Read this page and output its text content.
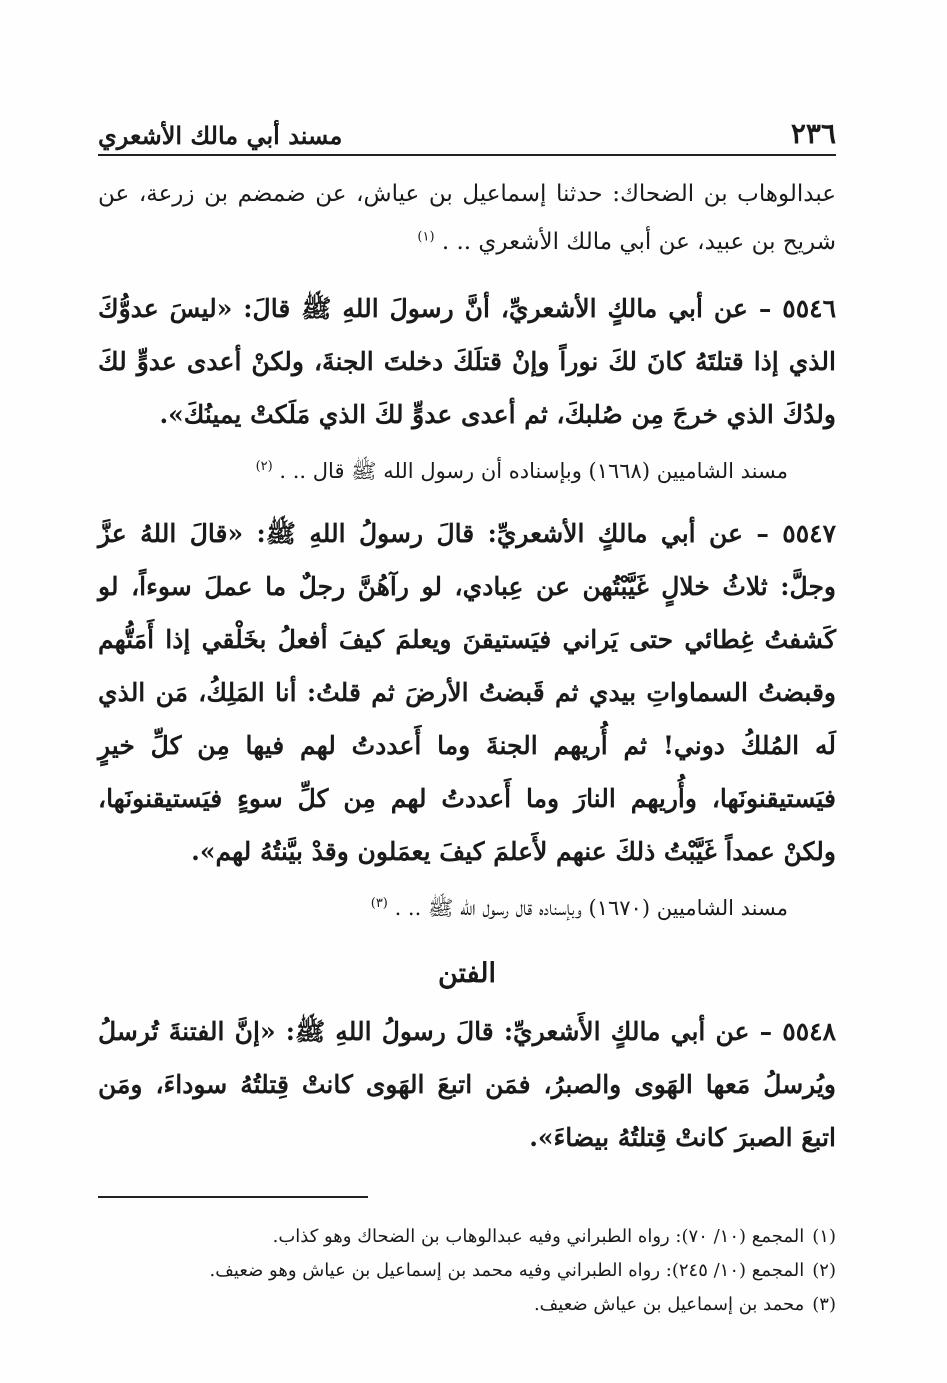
٢٣٦
مسند أبي مالك الأشعري

عبدالوهاب بن الضحاك: حدثنا إسماعيل بن عياش، عن ضمضم بن زرعة، عن شريح بن عبيد، عن أبي مالك الأشعري .. . $^{(١)}$

٥٥٤٦ – عن أبي مالكٍ الأشعريِّ، أنَّ رسولَ اللهِ ﷺ قالَ: «ليسَ عدوُّكَ الذي إذا قتلتَهُ كانَ لكَ نوراً وإنْ قتلَكَ دخلتَ الجنةَ، ولكنْ أعدى عدوٍّ لكَ ولدُكَ الذي خرجَ مِن صُلبكَ، ثم أعدى عدوٍّ لكَ الذي مَلَكتْ يمينُكَ».

مسند الشاميين (١٦٦٨) وبإسناده أن رسول الله ﷺ قال .. . $^{(٢)}$

٥٥٤٧ – عن أبي مالكٍ الأشعريِّ: قالَ رسولُ اللهِ ﷺ: «قالَ اللهُ عزَّ وجلَّ: ثلاثُ خلالٍ غَيَّبْتُهن عن عِبادي، لو رآهُنَّ رجلٌ ما عملَ سوءاً، لو كَشفتُ غِطائي حتى يَراني فيَستيقنَ ويعلمَ كيفَ أفعلُ بخَلْقي إذا أَمَتُّهم وقبضتُ السماواتِ بيدي ثم قَبضتُ الأرضَ ثم قلتُ: أنا المَلِكُ، مَن الذي لَه المُلكُ دوني! ثم أُريهم الجنةَ وما أَعددتُ لهم فيها مِن كلِّ خيرٍ فيَستيقنونَها، وأُريهم النارَ وما أَعددتُ لهم مِن كلِّ سوءٍ فيَستيقنونَها، ولكنْ عمداً غَيَّبْتُ ذلكَ عنهم لأَعلمَ كيفَ يعمَلون وقدْ بيَّنتُهُ لهم».

مسند الشاميين (١٦٧٠) وبإسناده قال رسول الله ﷺ .. . $^{(٣)}$

الفتن

٥٥٤٨ – عن أبي مالكٍ الأَشعريِّ: قالَ رسولُ اللهِ ﷺ: «إنَّ الفتنةَ تُرسلُ ويُرسلُ مَعها الهَوى والصبرُ، فمَن اتبعَ الهَوى كانتْ قِتلتُهُ سوداءَ، ومَن اتبعَ الصبرَ كانتْ قِتلتُهُ بيضاءَ».

(١)
المجمع (١٠/ ٧٠): رواه الطبراني وفيه عبدالوهاب بن الضحاك وهو كذاب.
(٢)
المجمع (١٠/ ٢٤٥): رواه الطبراني وفيه محمد بن إسماعيل بن عياش وهو ضعيف.
(٣)
محمد بن إسماعيل بن عياش ضعيف.
